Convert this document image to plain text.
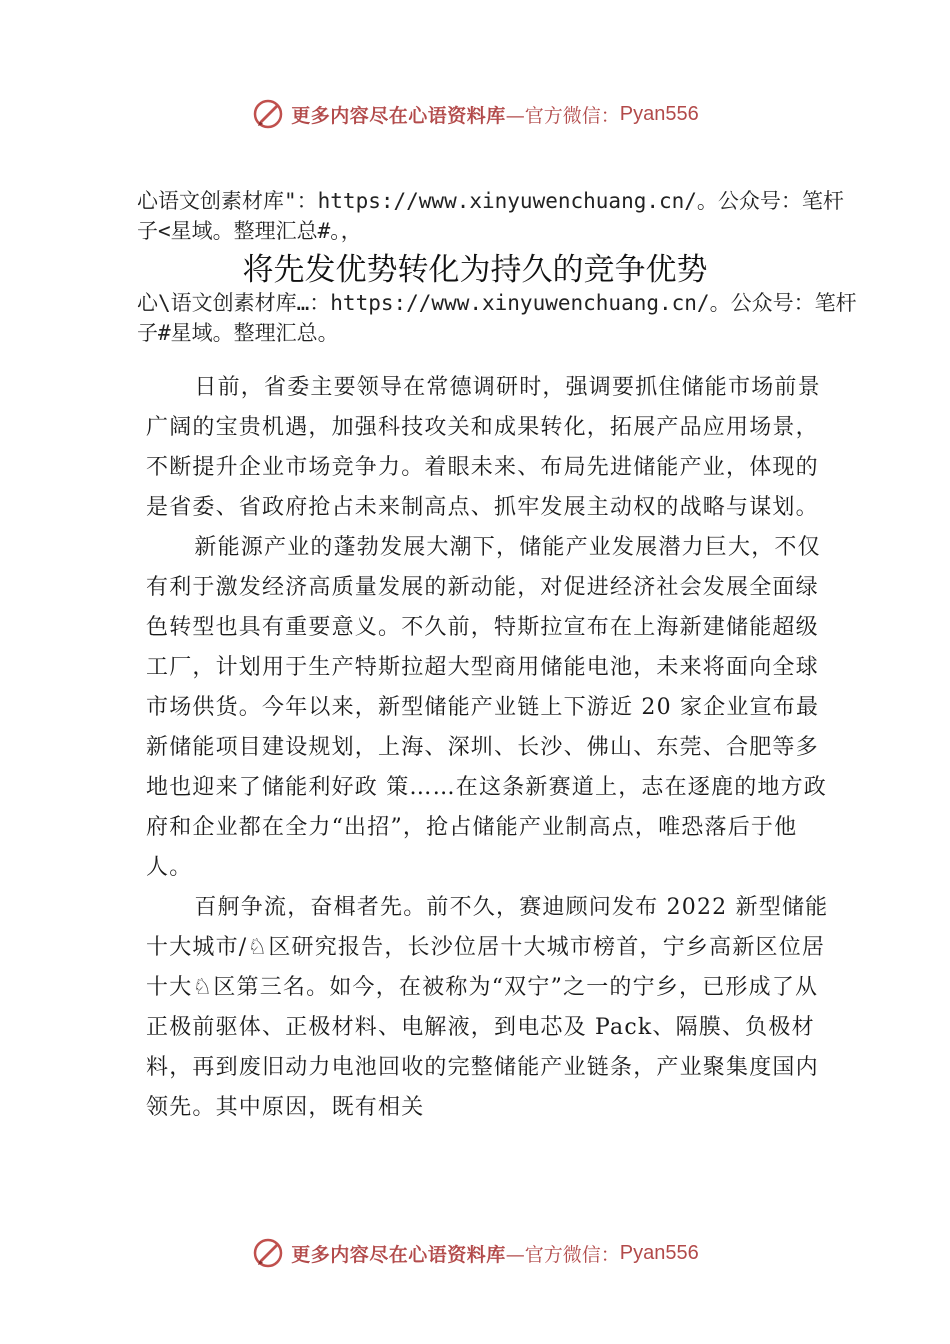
更多内容尽在心语资料库 —官方微信： Pyan556

心语文创素材库"：https://www.xinyuwenchuang.cn/。公众号：笔杆子<星域。整理汇总#。，

将先发优势转化为持久的竞争优势

心\语文创素材库…：https://www.xinyuwenchuang.cn/。公众号：笔杆子#星域。整理汇总。

日前，省委主要领导在常德调研时，强调要抓住储能市场前景广阔的宝贵机遇，加强科技攻关和成果转化，拓展产品应用场景，不断提升企业市场竞争力。着眼未来、布局先进储能产业，体现的是省委、省政府抢占未来制高点、抓牢发展主动权的战略与谋划。

新能源产业的蓬勃发展大潮下，储能产业发展潜力巨大，不仅有利于激发经济高质量发展的新动能，对促进经济社会发展全面绿色转型也具有重要意义。不久前，特斯拉宣布在上海新建储能超级工厂，计划用于生产特斯拉超大型商用储能电池，未来将面向全球市场供货。今年以来，新型储能产业链上下游近 20 家企业宣布最新储能项目建设规划，上海、深圳、长沙、佛山、东莞、合肥等多地也迎来了储能利好政 策……在这条新赛道上，志在逐鹿的地方政府和企业都在全力“出招”，抢占储能产业制高点，唯恐落后于他人。

百舸争流，奋楫者先。前不久，赛迪顾问发布 2022 新型储能十大城市/♘区研究报告，长沙位居十大城市榜首，宁乡高新区位居十大♘区第三名。如今，在被称为“双宁”之一的宁乡，已形成了从正极前驱体、正极材料、电解液，到电芯及 Pack、隔膜、负极材料，再到废旧动力电池回收的完整储能产业链条，产业聚集度国内领先。其中原因，既有相关

更多内容尽在心语资料库 —官方微信： Pyan556
